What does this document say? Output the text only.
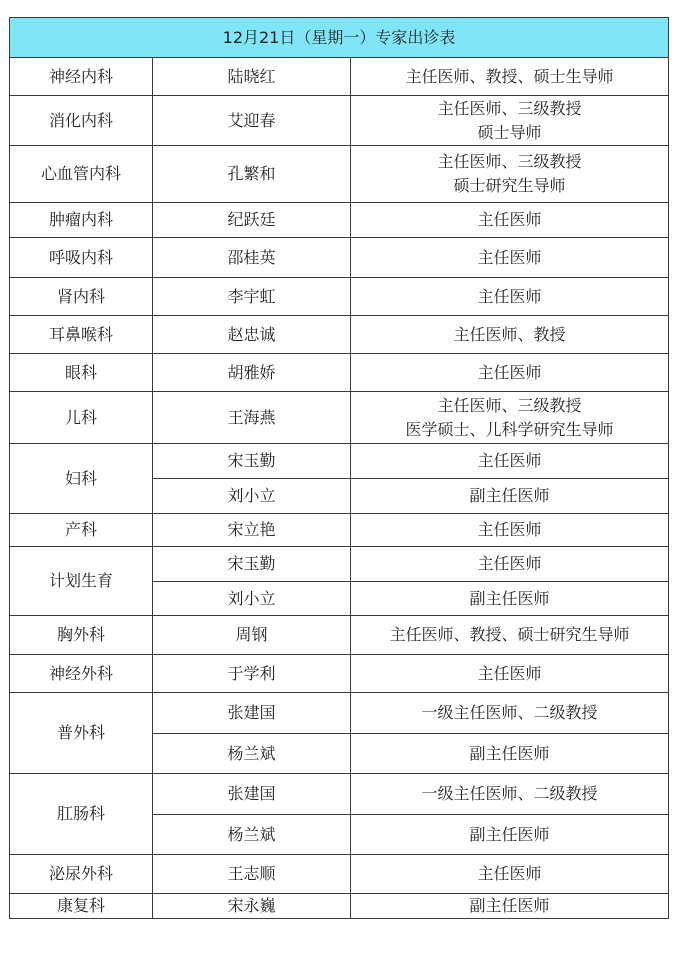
12月21日（星期一）专家出诊表		
神经内科	陆晓红	主任医师、教授、硕士生导师

消化内科	艾迎春	主任医师、三级教授
硕士导师

心血管内科	孔繁和	主任医师、三级教授
硕士研究生导师

肿瘤内科	纪跃廷	主任医师

呼吸内科	邵桂英	主任医师

肾内科	李宇虹	主任医师

耳鼻喉科	赵忠诚	主任医师、教授

眼科	胡雅娇	主任医师

儿科	王海燕	主任医师、三级教授
医学硕士、儿科学研究生导师

妇科	宋玉勤	主任医师

	刘小立	副主任医师

产科	宋立艳	主任医师

计划生育	宋玉勤	主任医师

	刘小立	副主任医师

胸外科	周钢	主任医师、教授、硕士研究生导师

神经外科	于学利	主任医师

普外科	张建国	一级主任医师、二级教授

	杨兰斌	副主任医师

肛肠科	张建国	一级主任医师、二级教授

	杨兰斌	副主任医师

泌尿外科	王志顺	主任医师

康复科	宋永巍	副主任医师
